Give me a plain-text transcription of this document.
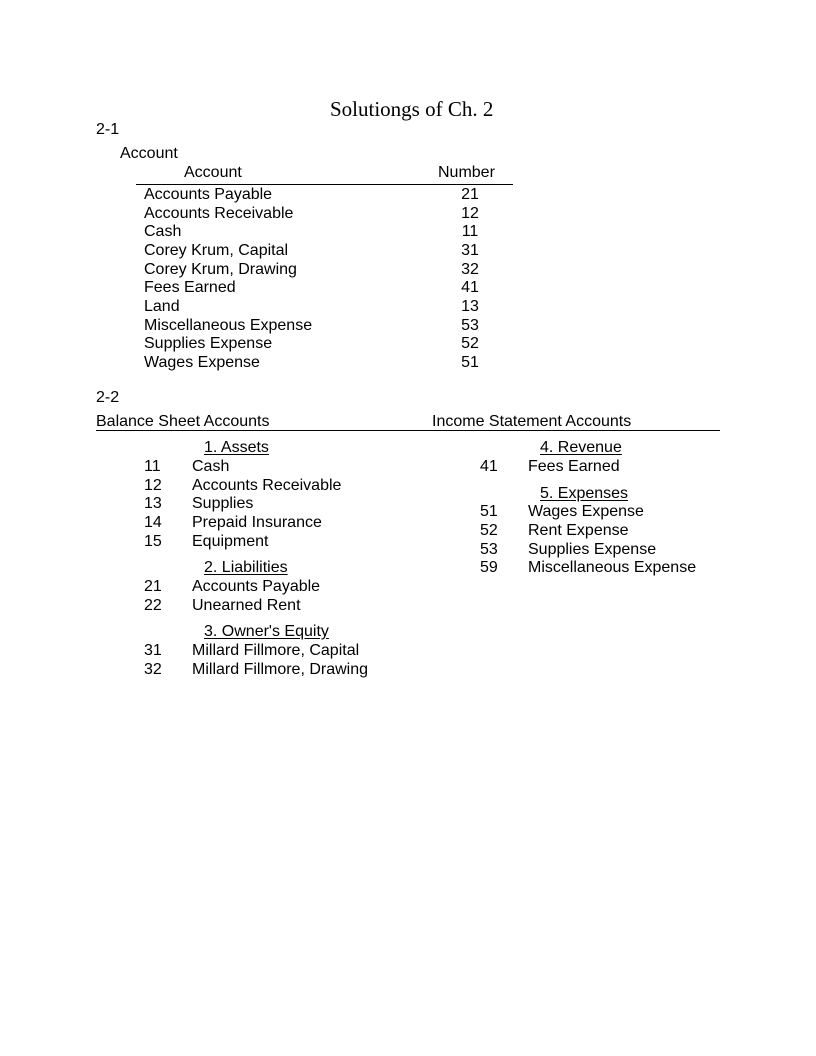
Solutiongs of Ch. 2
2-1
Account
Account	Number
Accounts Payable	21
Accounts Receivable	12
Cash	11
Corey Krum, Capital	31
Corey Krum, Drawing	32
Fees Earned	41
Land	13
Miscellaneous Expense	53
Supplies Expense	52
Wages Expense	51
2-2
Balance Sheet Accounts	Income Statement Accounts
1. Assets
11 Cash
12 Accounts Receivable
13 Supplies
14 Prepaid Insurance
15 Equipment
2. Liabilities
21 Accounts Payable
22 Unearned Rent
3. Owner's Equity
31 Millard Fillmore, Capital
32 Millard Fillmore, Drawing
4. Revenue
41 Fees Earned
5. Expenses
51 Wages Expense
52 Rent Expense
53 Supplies Expense
59 Miscellaneous Expense
